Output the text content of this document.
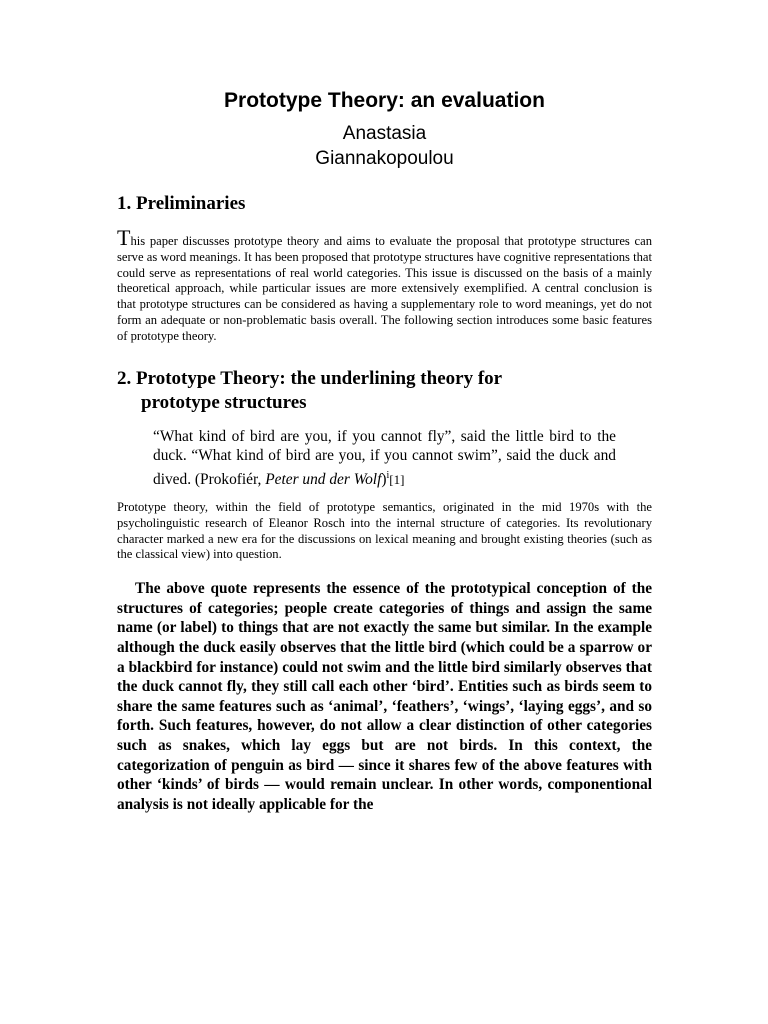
Prototype Theory: an evaluation

Anastasia

Giannakopoulou

1. Preliminaries

This paper discusses prototype theory and aims to evaluate the proposal that prototype structures can serve as word meanings. It has been proposed that prototype structures have cognitive representations that could serve as representations of real world categories. This issue is discussed on the basis of a mainly theoretical approach, while particular issues are more extensively exemplified. A central conclusion is that prototype structures can be considered as having a supplementary role to word meanings, yet do not form an adequate or non-problematic basis overall. The following section introduces some basic features of prototype theory.

2. Prototype Theory: the underlining theory for
prototype structures

“What kind of bird are you, if you cannot fly”, said the little bird to the duck. “What kind of bird are you, if you cannot swim”, said the duck and dived. (Prokofiér, Peter und der Wolf)$^i$[1]

Prototype theory, within the field of prototype semantics, originated in the mid 1970s with the psycholinguistic research of Eleanor Rosch into the internal structure of categories. Its revolutionary character marked a new era for the discussions on lexical meaning and brought existing theories (such as the classical view) into question.

The above quote represents the essence of the prototypical conception of the structures of categories; people create categories of things and assign the same name (or label) to things that are not exactly the same but similar. In the example although the duck easily observes that the little bird (which could be a sparrow or a blackbird for instance) could not swim and the little bird similarly observes that the duck cannot fly, they still call each other ‘bird’. Entities such as birds seem to share the same features such as ‘animal’, ‘feathers’, ‘wings’, ‘laying eggs’, and so forth. Such features, however, do not allow a clear distinction of other categories such as snakes, which lay eggs but are not birds. In this context, the categorization of penguin as bird — since it shares few of the above features with other ‘kinds’ of birds — would remain unclear. In other words, componentional analysis is not ideally applicable for the
